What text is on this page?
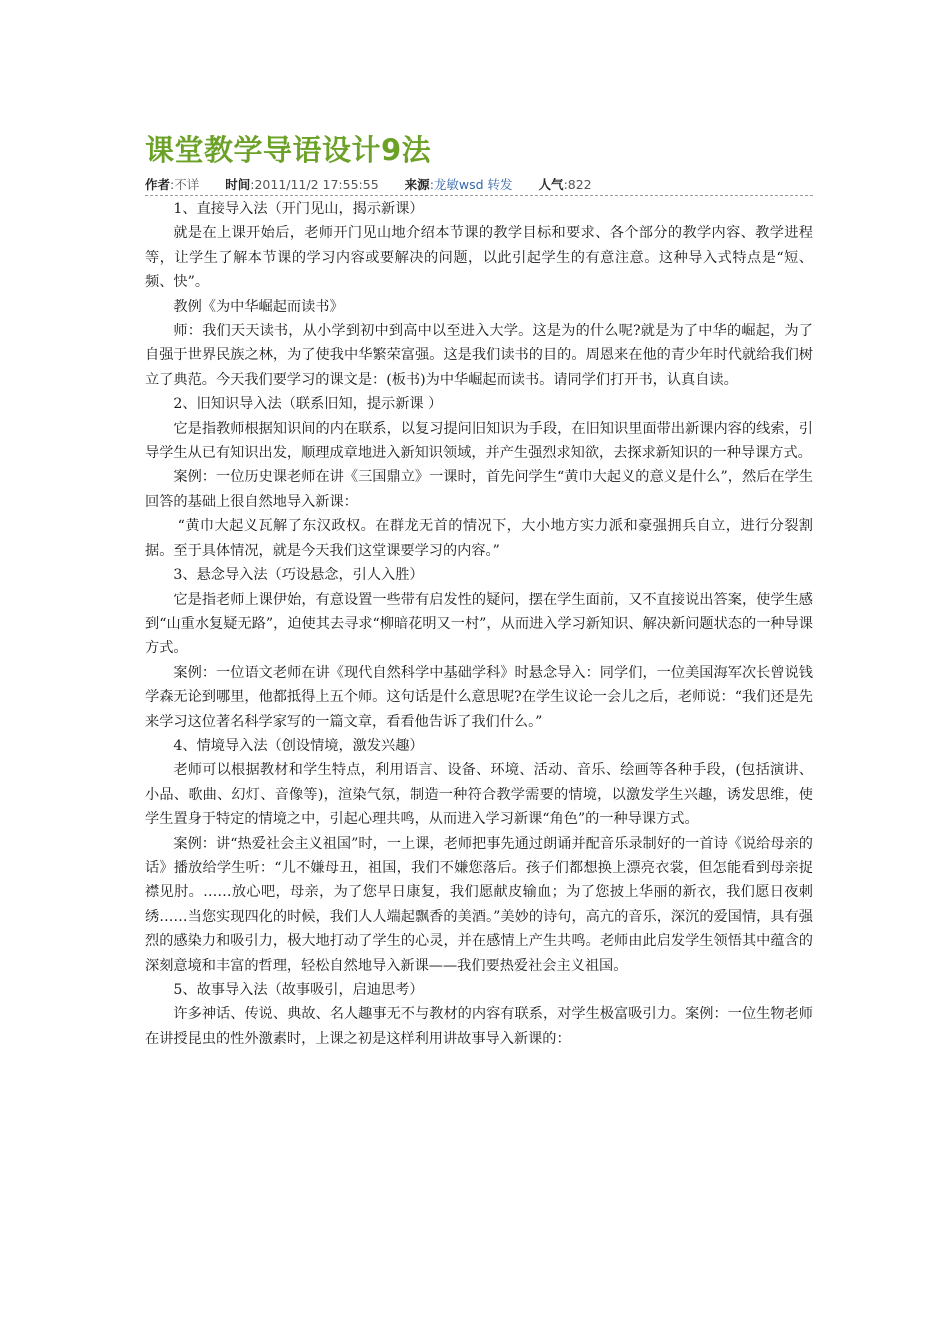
课堂教学导语设计9法
作者:不详 时间:2011/11/2 17:55:55 来源:龙敏wsd 转发 人气:822

1、直接导入法（开门见山，揭示新课）

就是在上课开始后，老师开门见山地介绍本节课的教学目标和要求、各个部分的教学内容、教学进程等，让学生了解本节课的学习内容或要解决的问题，以此引起学生的有意注意。这种导入式特点是“短、频、快”。

教例《为中华崛起而读书》

师：我们天天读书，从小学到初中到高中以至进入大学。这是为的什么呢?就是为了中华的崛起，为了自强于世界民族之林，为了使我中华繁荣富强。这是我们读书的目的。周恩来在他的青少年时代就给我们树立了典范。今天我们要学习的课文是：(板书)为中华崛起而读书。请同学们打开书，认真自读。

2、旧知识导入法（联系旧知，提示新课 ）

它是指教师根据知识间的内在联系，以复习提问旧知识为手段，在旧知识里面带出新课内容的线索，引导学生从已有知识出发，顺理成章地进入新知识领域，并产生强烈求知欲，去探求新知识的一种导课方式。

案例：一位历史课老师在讲《三国鼎立》一课时，首先问学生“黄巾大起义的意义是什么”，然后在学生回答的基础上很自然地导入新课：

“黄巾大起义瓦解了东汉政权。在群龙无首的情况下，大小地方实力派和豪强拥兵自立，进行分裂割据。至于具体情况，就是今天我们这堂课要学习的内容。”

3、悬念导入法（巧设悬念，引人入胜）

它是指老师上课伊始，有意设置一些带有启发性的疑问，摆在学生面前，又不直接说出答案，使学生感到“山重水复疑无路”，迫使其去寻求“柳暗花明又一村”，从而进入学习新知识、解决新问题状态的一种导课方式。

案例：一位语文老师在讲《现代自然科学中基础学科》时悬念导入：同学们，一位美国海军次长曾说钱学森无论到哪里，他都抵得上五个师。这句话是什么意思呢?在学生议论一会儿之后，老师说：“我们还是先来学习这位著名科学家写的一篇文章，看看他告诉了我们什么。”

4、情境导入法（创设情境，激发兴趣）

老师可以根据教材和学生特点，利用语言、设备、环境、活动、音乐、绘画等各种手段，(包括演讲、小品、歌曲、幻灯、音像等)，渲染气氛，制造一种符合教学需要的情境，以激发学生兴趣，诱发思维，使学生置身于特定的情境之中，引起心理共鸣，从而进入学习新课“角色”的一种导课方式。

案例：讲“热爱社会主义祖国”时，一上课，老师把事先通过朗诵并配音乐录制好的一首诗《说给母亲的话》播放给学生听：“儿不嫌母丑，祖国，我们不嫌您落后。孩子们都想换上漂亮衣裳，但怎能看到母亲捉襟见肘。……放心吧，母亲，为了您早日康复，我们愿献皮输血；为了您披上华丽的新衣，我们愿日夜刺绣……当您实现四化的时候，我们人人端起飘香的美酒。”美妙的诗句，高亢的音乐，深沉的爱国情，具有强烈的感染力和吸引力，极大地打动了学生的心灵，并在感情上产生共鸣。老师由此启发学生领悟其中蕴含的深刻意境和丰富的哲理，轻松自然地导入新课——我们要热爱社会主义祖国。

5、故事导入法（故事吸引，启迪思考）

许多神话、传说、典故、名人趣事无不与教材的内容有联系，对学生极富吸引力。案例：一位生物老师在讲授昆虫的性外激素时，上课之初是这样利用讲故事导入新课的：
